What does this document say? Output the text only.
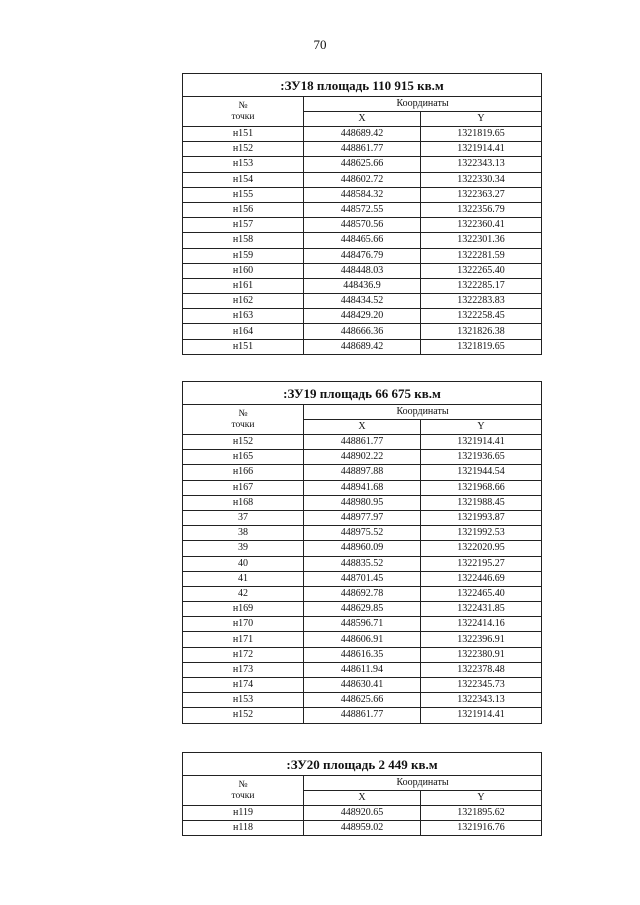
70
:ЗУ18 площадь 110 915 кв.м		
№
точки	Координаты	
	X	Y
н151	448689.42	1321819.65
н152	448861.77	1321914.41
н153	448625.66	1322343.13
н154	448602.72	1322330.34
н155	448584.32	1322363.27
н156	448572.55	1322356.79
н157	448570.56	1322360.41
н158	448465.66	1322301.36
н159	448476.79	1322281.59
н160	448448.03	1322265.40
н161	448436.9	1322285.17
н162	448434.52	1322283.83
н163	448429.20	1322258.45
н164	448666.36	1321826.38
н151	448689.42	1321819.65
:ЗУ19 площадь 66 675 кв.м		
№
точки	Координаты	
	X	Y
н152	448861.77	1321914.41
н165	448902.22	1321936.65
н166	448897.88	1321944.54
н167	448941.68	1321968.66
н168	448980.95	1321988.45
37	448977.97	1321993.87
38	448975.52	1321992.53
39	448960.09	1322020.95
40	448835.52	1322195.27
41	448701.45	1322446.69
42	448692.78	1322465.40
н169	448629.85	1322431.85
н170	448596.71	1322414.16
н171	448606.91	1322396.91
н172	448616.35	1322380.91
н173	448611.94	1322378.48
н174	448630.41	1322345.73
н153	448625.66	1322343.13
н152	448861.77	1321914.41
:ЗУ20 площадь 2 449 кв.м		
№
точки	Координаты	
	X	Y
н119	448920.65	1321895.62
н118	448959.02	1321916.76
